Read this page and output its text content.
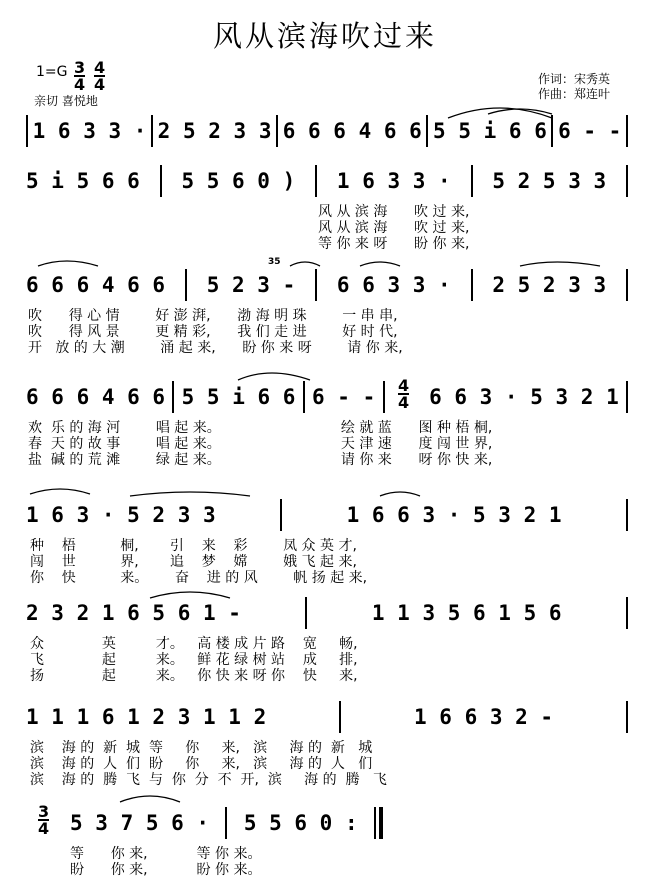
风从滨海吹过来
1=G 3
4
4
4
亲切 喜悦地
作词：宋秀英
作曲：郑连叶
1 6 3 3 · 2 5 2 3 3 6 6 6 4 6 6 5 5 i 6 6 6 - -
5 i 5 6 6 5 5 6 0 ) 1 6 3 3 · 5 2 5 3 3
风 从 滨 海      吹 过 来,
风 从 滨 海      吹 过 来,
等 你 来 呀      盼 你 来,
6 6 6 4 6 6 5 2 3 - 6 6 3 3 · 2 5 2 3 3
35
吹      得 心 情        好 澎 湃,      渤 海 明 珠        一 串 串,
吹      得 风 景        更 精 彩,      我 们 走 进        好 时 代,
开   放 的 大 潮        涌 起 来,      盼 你 来 呀        请 你 来,
6 6 6 4 6 6 5 5 i 6 6 6 - -	6 6 3 · 5 3 2 1
4
4
欢  乐 的 海 河        唱 起 来。                           绘 就 蓝      图 种 梧 桐,
春  天 的 故 事        唱 起 来。                           天 津 速      度 闯 世 界,
盐  碱 的 荒 滩        绿 起 来。                           请 你 来      呀 你 快 来,
1 6 3 · 5 2 3 3	1 6 6 3 · 5 3 2 1
种    梧          桐,       引    来    彩        凤 众 英 才,
闯    世          界,       追    梦    嫦        娥 飞 起 来,
你    快          来。      奋    进 的 风        帆 扬 起 来,
2 3 2 1 6 5 6 1 -	1 1 3 5 6 1 5 6
众             英         才。   高 楼 成 片 路    宽     畅,
飞             起         来。   鲜 花 绿 树 站    成     排,
扬             起         来。   你 快 来 呀 你    快     来,
1 1 1 6 1 2 3 1 1 2	1 6 6 3 2 -
滨    海 的  新  城  等     你     来,   滨     海 的  新   城
滨    海 的  人  们  盼     你     来,   滨     海 的  人   们
滨    海 的  腾  飞  与  你  分  不  开,  滨     海 的  腾   飞
3
4 5 3 7 5 6 · 5 5 6 0 :
等      你 来,           等 你 来。
盼      你 来,           盼 你 来。
